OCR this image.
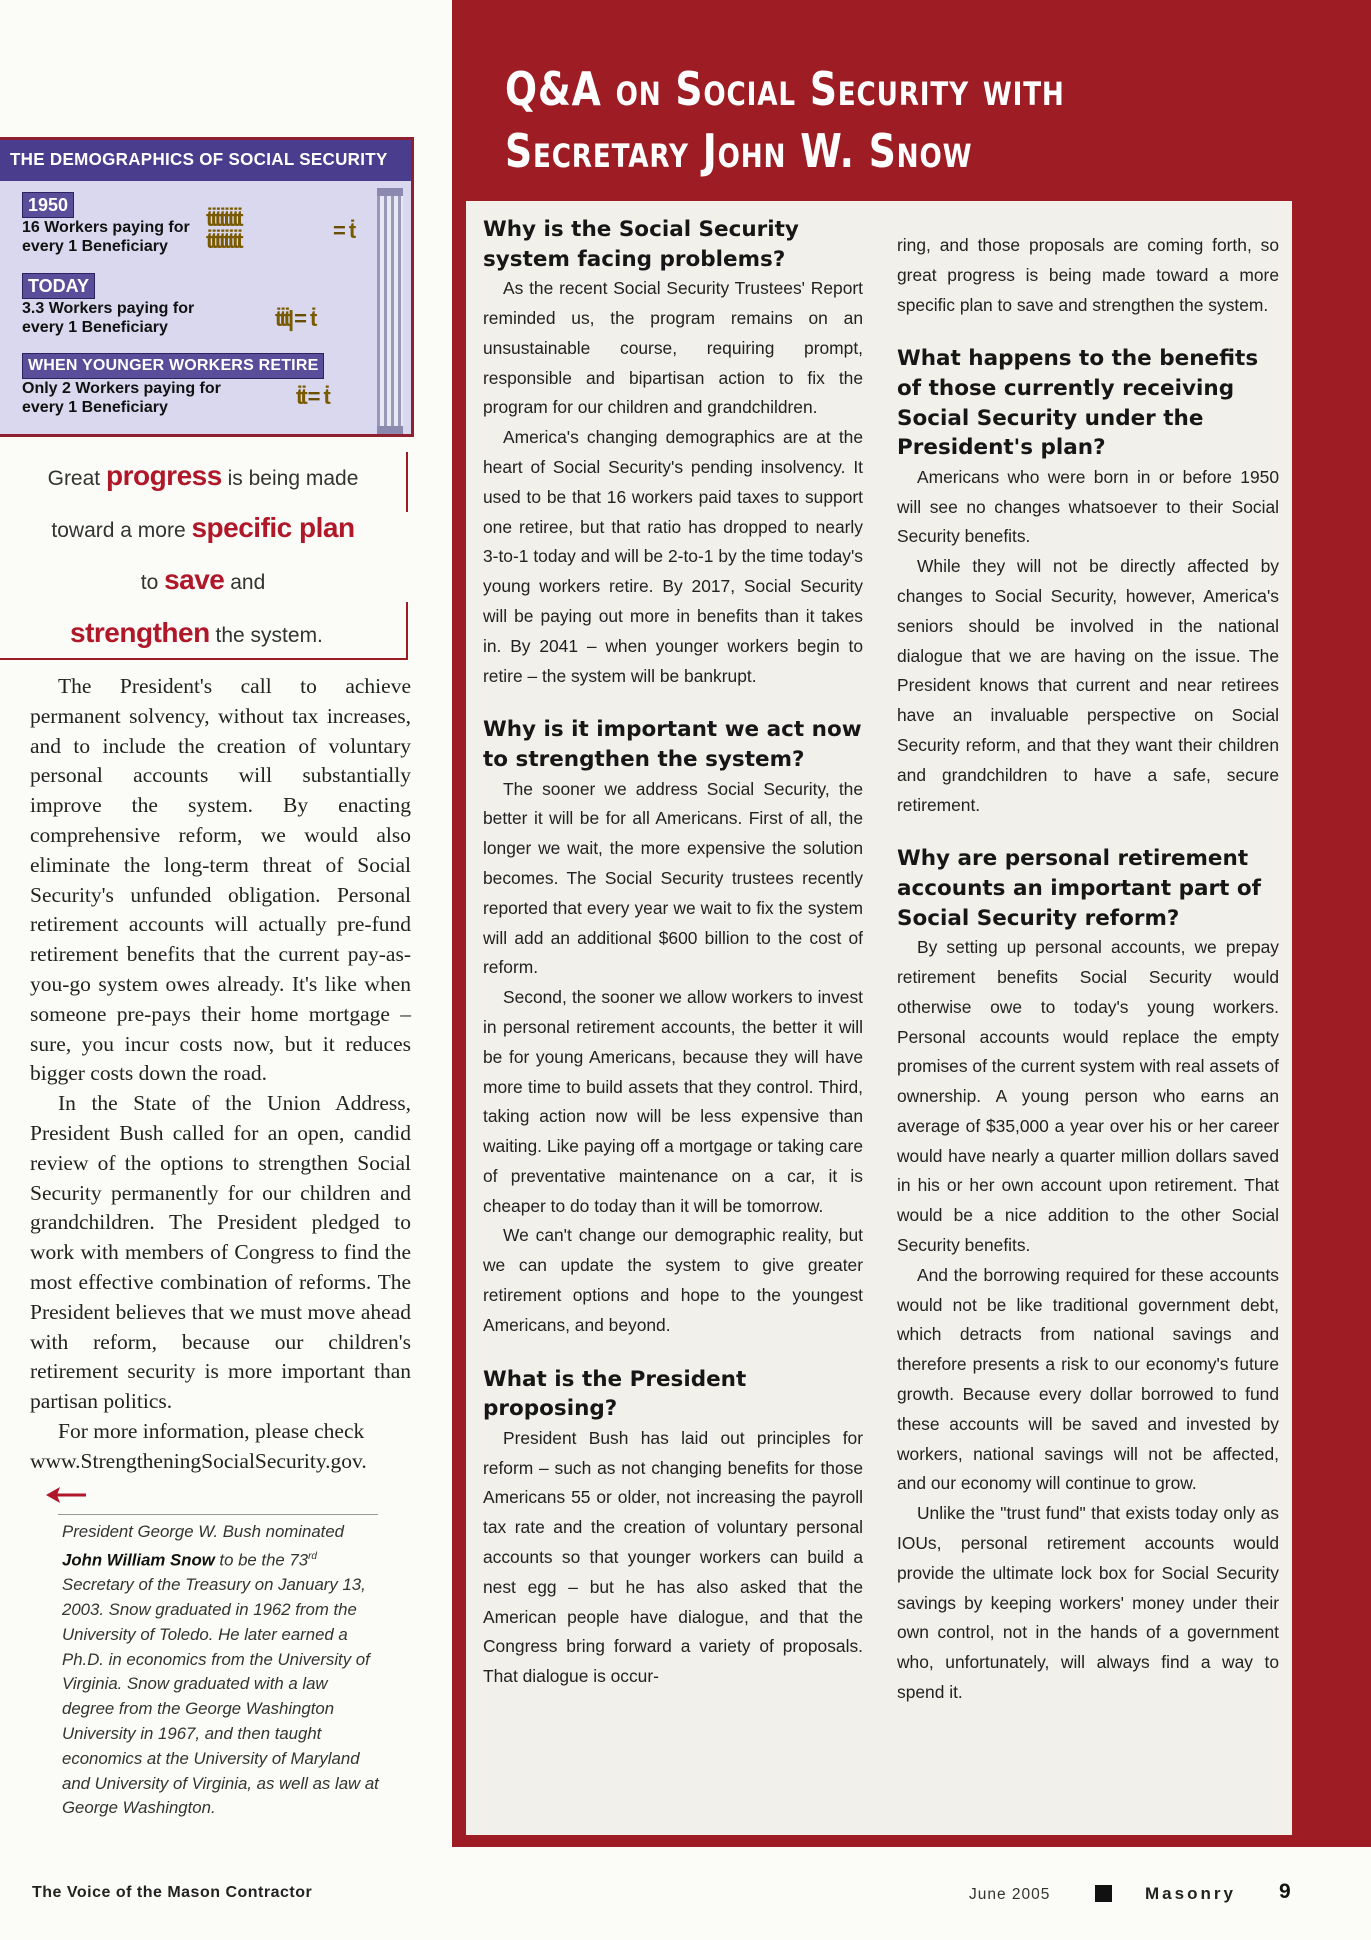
THE DEMOGRAPHICS OF SOCIAL SECURITY
1950
16 Workers paying for
every 1 Beneficiary
ṫṫṫṫṫṫṫṫ
ṫṫṫṫṫṫṫṫ	= ṫ
TODAY
3.3 Workers paying for
every 1 Beneficiary	ṫṫṫ| = ṫ
WHEN YOUNGER WORKERS RETIRE
Only 2 Workers paying for
every 1 Beneficiary	ṫṫ = ṫ
Great progress is being made
toward a more specific plan
to save and
strengthen the system.

The President's call to achieve permanent solvency, without tax increases, and to include the creation of voluntary personal accounts will substantially improve the system. By enacting comprehensive reform, we would also eliminate the long-term threat of Social Security's unfunded obligation. Personal retirement accounts will actually pre-fund retirement benefits that the current pay-as-you-go system owes already. It's like when someone pre-pays their home mortgage – sure, you incur costs now, but it reduces bigger costs down the road.

In the State of the Union Address, President Bush called for an open, candid review of the options to strengthen Social Security permanently for our children and grandchildren. The President pledged to work with members of Congress to find the most effective combination of reforms. The President believes that we must move ahead with reform, because our children's retirement security is more important than partisan politics.

For more information, please check

www.StrengtheningSocialSecurity.gov.

President George W. Bush nominated John William Snow to be the 73rd Secretary of the Treasury on January 13, 2003. Snow graduated in 1962 from the University of Toledo. He later earned a Ph.D. in economics from the University of Virginia. Snow graduated with a law degree from the George Washington University in 1967, and then taught economics at the University of Maryland and University of Virginia, as well as law at George Washington.
Q&A on Social Security with
Secretary John W. Snow
Why is the Social Security system facing problems?

As the recent Social Security Trustees' Report reminded us, the program remains on an unsustainable course, requiring prompt, responsible and bipartisan action to fix the program for our children and grandchildren.

America's changing demographics are at the heart of Social Security's pending insolvency. It used to be that 16 workers paid taxes to support one retiree, but that ratio has dropped to nearly 3-to-1 today and will be 2-to-1 by the time today's young workers retire. By 2017, Social Security will be paying out more in benefits than it takes in. By 2041 – when younger workers begin to retire – the system will be bankrupt.

Why is it important we act now to strengthen the system?

The sooner we address Social Security, the better it will be for all Americans. First of all, the longer we wait, the more expensive the solution becomes. The Social Security trustees recently reported that every year we wait to fix the system will add an additional $600 billion to the cost of reform.

Second, the sooner we allow workers to invest in personal retirement accounts, the better it will be for young Americans, because they will have more time to build assets that they control. Third, taking action now will be less expensive than waiting. Like paying off a mortgage or taking care of preventative maintenance on a car, it is cheaper to do today than it will be tomorrow.

We can't change our demographic reality, but we can update the system to give greater retirement options and hope to the youngest Americans, and beyond.

What is the President proposing?

President Bush has laid out principles for reform – such as not changing benefits for those Americans 55 or older, not increasing the payroll tax rate and the creation of voluntary personal accounts so that younger workers can build a nest egg – but he has also asked that the American people have dialogue, and that the Congress bring forward a variety of proposals. That dialogue is occur-

ring, and those proposals are coming forth, so great progress is being made toward a more specific plan to save and strengthen the system.

What happens to the benefits of those currently receiving Social Security under the President's plan?

Americans who were born in or before 1950 will see no changes whatsoever to their Social Security benefits.

While they will not be directly affected by changes to Social Security, however, America's seniors should be involved in the national dialogue that we are having on the issue. The President knows that current and near retirees have an invaluable perspective on Social Security reform, and that they want their children and grandchildren to have a safe, secure retirement.

Why are personal retirement accounts an important part of Social Security reform?

By setting up personal accounts, we prepay retirement benefits Social Security would otherwise owe to today's young workers. Personal accounts would replace the empty promises of the current system with real assets of ownership. A young person who earns an average of $35,000 a year over his or her career would have nearly a quarter million dollars saved in his or her own account upon retirement. That would be a nice addition to the other Social Security benefits.

And the borrowing required for these accounts would not be like traditional government debt, which detracts from national savings and therefore presents a risk to our economy's future growth. Because every dollar borrowed to fund these accounts will be saved and invested by workers, national savings will not be affected, and our economy will continue to grow.

Unlike the "trust fund" that exists today only as IOUs, personal retirement accounts would provide the ultimate lock box for Social Security savings by keeping workers' money under their own control, not in the hands of a government who, unfortunately, will always find a way to spend it.

The Voice of the Mason Contractor	June 2005	Masonry 9
